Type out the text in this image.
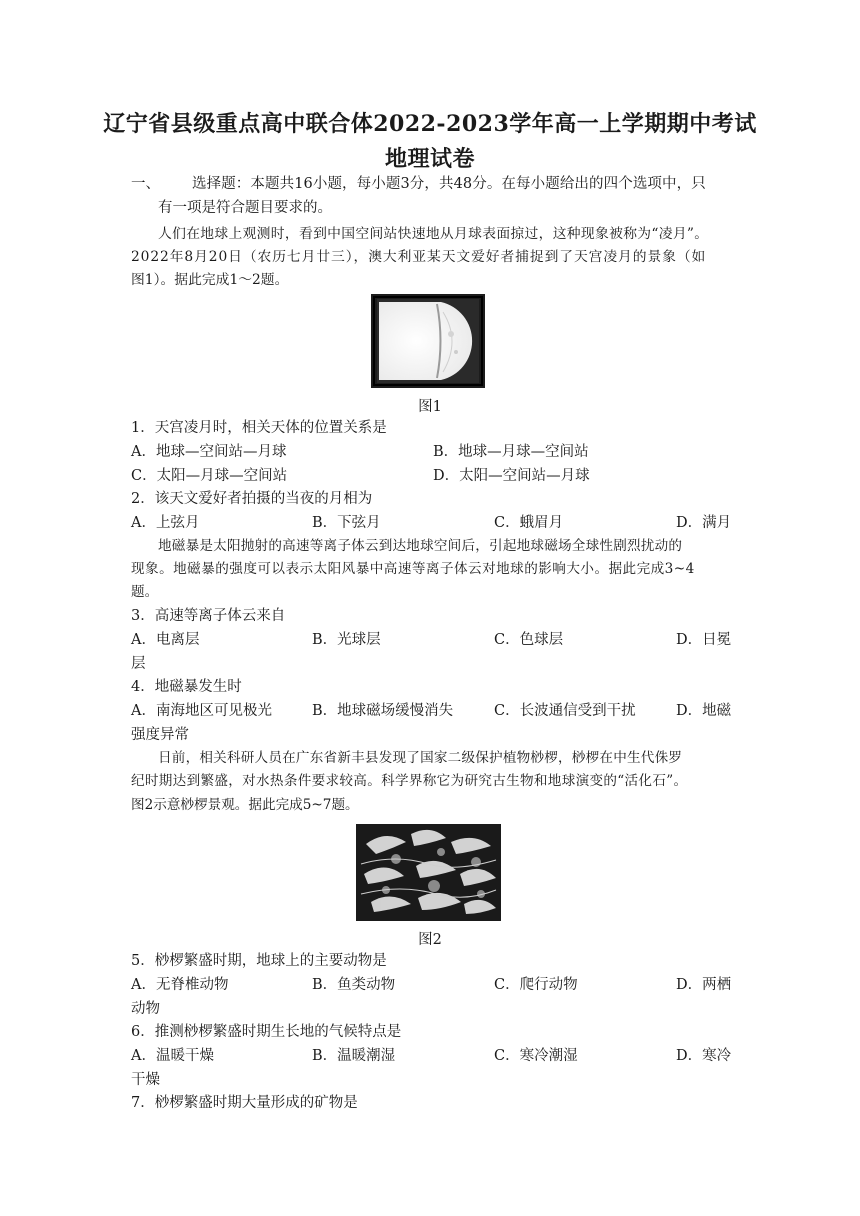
辽宁省县级重点高中联合体2022-2023学年高一上学期期中考试
地理试卷
一、 选择题：本题共16小题，每小题3分，共48分。在每小题给出的四个选项中，只
有一项是符合题目要求的。
人们在地球上观测时，看到中国空间站快速地从月球表面掠过，这种现象被称为“凌月”。
2022年8月20日（农历七月廿三），澳大利亚某天文爱好者捕捉到了天宫凌月的景象（如
图1）。据此完成1～2题。
图1
1．天宫凌月时，相关天体的位置关系是
A．地球—空间站—月球	B．地球—月球—空间站
C．太阳—月球—空间站	D．太阳—空间站—月球
2．该天文爱好者拍摄的当夜的月相为
A．上弦月	B．下弦月	C．蛾眉月	D．满月
地磁暴是太阳抛射的高速等离子体云到达地球空间后，引起地球磁场全球性剧烈扰动的
现象。地磁暴的强度可以表示太阳风暴中高速等离子体云对地球的影响大小。据此完成3~4
题。
3．高速等离子体云来自
A．电离层	B．光球层	C．色球层	D．日冕
层
4．地磁暴发生时
A．南海地区可见极光	B．地球磁场缓慢消失	C．长波通信受到干扰	D．地磁
强度异常
日前，相关科研人员在广东省新丰县发现了国家二级保护植物桫椤，桫椤在中生代侏罗
纪时期达到繁盛，对水热条件要求较高。科学界称它为研究古生物和地球演变的“活化石”。
图2示意桫椤景观。据此完成5~7题。
图2
5．桫椤繁盛时期，地球上的主要动物是
A．无脊椎动物	B．鱼类动物	C．爬行动物	D．两栖
动物
6．推测桫椤繁盛时期生长地的气候特点是
A．温暖干燥	B．温暖潮湿	C．寒冷潮湿	D．寒冷
干燥
7．桫椤繁盛时期大量形成的矿物是
